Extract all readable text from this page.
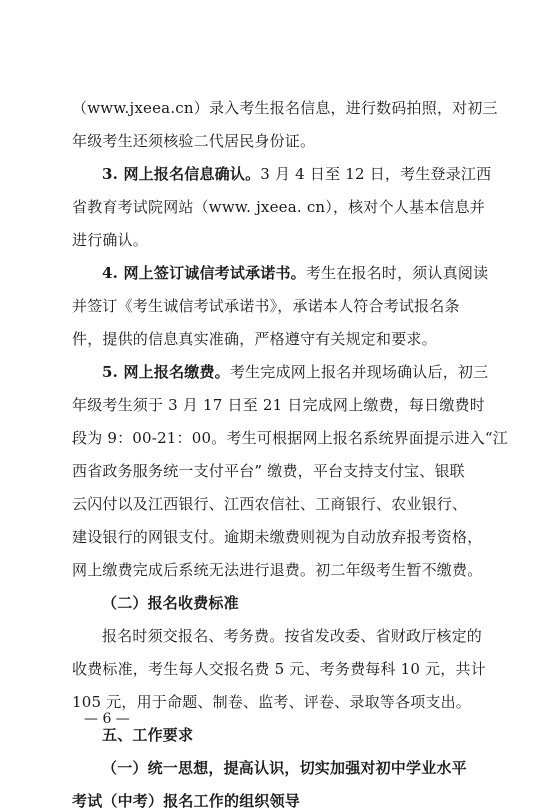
（www.jxeea.cn）录入考生报名信息，进行数码拍照，对初三
年级考生还须核验二代居民身份证。
3. 网上报名信息确认。3 月 4 日至 12 日，考生登录江西
省教育考试院网站（www. jxeea. cn），核对个人基本信息并
进行确认。
4. 网上签订诚信考试承诺书。考生在报名时，须认真阅读
并签订《考生诚信考试承诺书》，承诺本人符合考试报名条
件，提供的信息真实准确，严格遵守有关规定和要求。
5. 网上报名缴费。考生完成网上报名并现场确认后，初三
年级考生须于 3 月 17 日至 21 日完成网上缴费，每日缴费时
段为 9：00-21：00。考生可根据网上报名系统界面提示进入“江
西省政务服务统一支付平台” 缴费，平台支持支付宝、银联
云闪付以及江西银行、江西农信社、工商银行、农业银行、
建设银行的网银支付。逾期未缴费则视为自动放弃报考资格，
网上缴费完成后系统无法进行退费。初二年级考生暂不缴费。
（二）报名收费标准
报名时须交报名、考务费。按省发改委、省财政厅核定的
收费标准，考生每人交报名费 5 元、考务费每科 10 元，共计
105 元，用于命题、制卷、监考、评卷、录取等各项支出。
五、工作要求
（一）统一思想，提高认识，切实加强对初中学业水平
考试（中考）报名工作的组织领导
— 6 —
